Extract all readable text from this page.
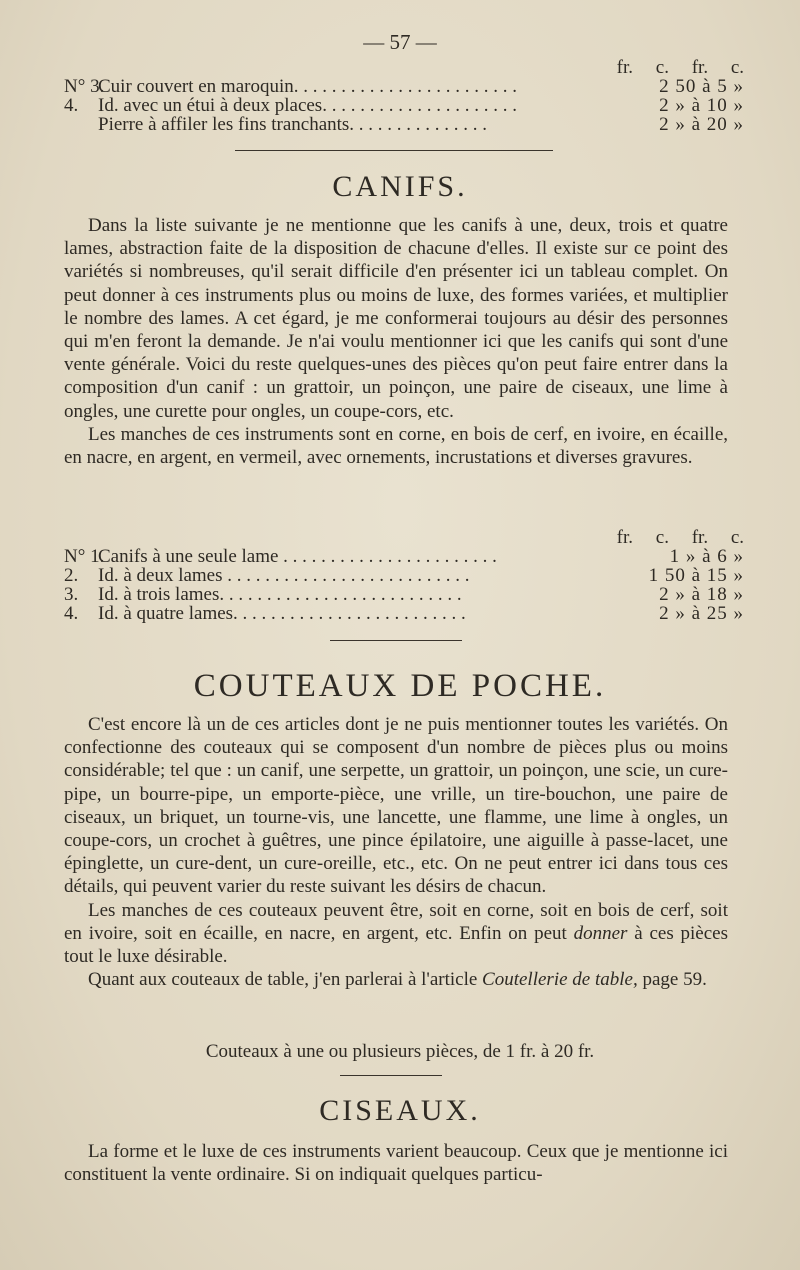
— 57 —
fr. c. fr. c.
N° 3.Cuir couvert en maroquin. . . . . . . . . . . . . . . . . . . . . . . .	2 50 à 5 »
4. Id. avec un étui à deux places. . . . . . . . . . . . . . . . . . . . .	2 » à 10 »
Pierre à affiler les fins tranchants. . . . . . . . . . . . . . .	2 » à 20 »
CANIFS.

Dans la liste suivante je ne mentionne que les canifs à une, deux, trois et quatre lames, abstraction faite de la disposition de chacune d'elles. Il existe sur ce point des variétés si nombreuses, qu'il serait difficile d'en présenter ici un tableau complet. On peut donner à ces instruments plus ou moins de luxe, des formes variées, et multiplier le nombre des lames. A cet égard, je me conformerai toujours au désir des personnes qui m'en feront la demande. Je n'ai voulu mentionner ici que les canifs qui sont d'une vente générale. Voici du reste quelques-unes des pièces qu'on peut faire entrer dans la composition d'un canif : un grattoir, un poinçon, une paire de ciseaux, une lime à ongles, une curette pour ongles, un coupe-cors, etc.

Les manches de ces instruments sont en corne, en bois de cerf, en ivoire, en écaille, en nacre, en argent, en vermeil, avec ornements, incrustations et diverses gravures.

fr. c. fr. c.
N° 1.Canifs à une seule lame . . . . . . . . . . . . . . . . . . . . . . .	1 » à 6 »
2. Id. à deux lames . . . . . . . . . . . . . . . . . . . . . . . . . .	1 50 à 15 »
3. Id. à trois lames. . . . . . . . . . . . . . . . . . . . . . . . . .	2 » à 18 »
4. Id. à quatre lames. . . . . . . . . . . . . . . . . . . . . . . . .	2 » à 25 »
COUTEAUX DE POCHE.

C'est encore là un de ces articles dont je ne puis mentionner toutes les variétés. On confectionne des couteaux qui se composent d'un nombre de pièces plus ou moins considérable; tel que : un canif, une serpette, un grattoir, un poinçon, une scie, un cure-pipe, un bourre-pipe, un emporte-pièce, une vrille, un tire-bouchon, une paire de ciseaux, un briquet, un tourne-vis, une lancette, une flamme, une lime à ongles, un coupe-cors, un crochet à guêtres, une pince épilatoire, une aiguille à passe-lacet, une épinglette, un cure-dent, un cure-oreille, etc., etc. On ne peut entrer ici dans tous ces détails, qui peuvent varier du reste suivant les désirs de chacun.

Les manches de ces couteaux peuvent être, soit en corne, soit en bois de cerf, soit en ivoire, soit en écaille, en nacre, en argent, etc. Enfin on peut donner à ces pièces tout le luxe désirable.

Quant aux couteaux de table, j'en parlerai à l'article Coutellerie de table, page 59.

Couteaux à une ou plusieurs pièces, de 1 fr. à 20 fr.
CISEAUX.

La forme et le luxe de ces instruments varient beaucoup. Ceux que je mentionne ici constituent la vente ordinaire. Si on indiquait quelques particu-
